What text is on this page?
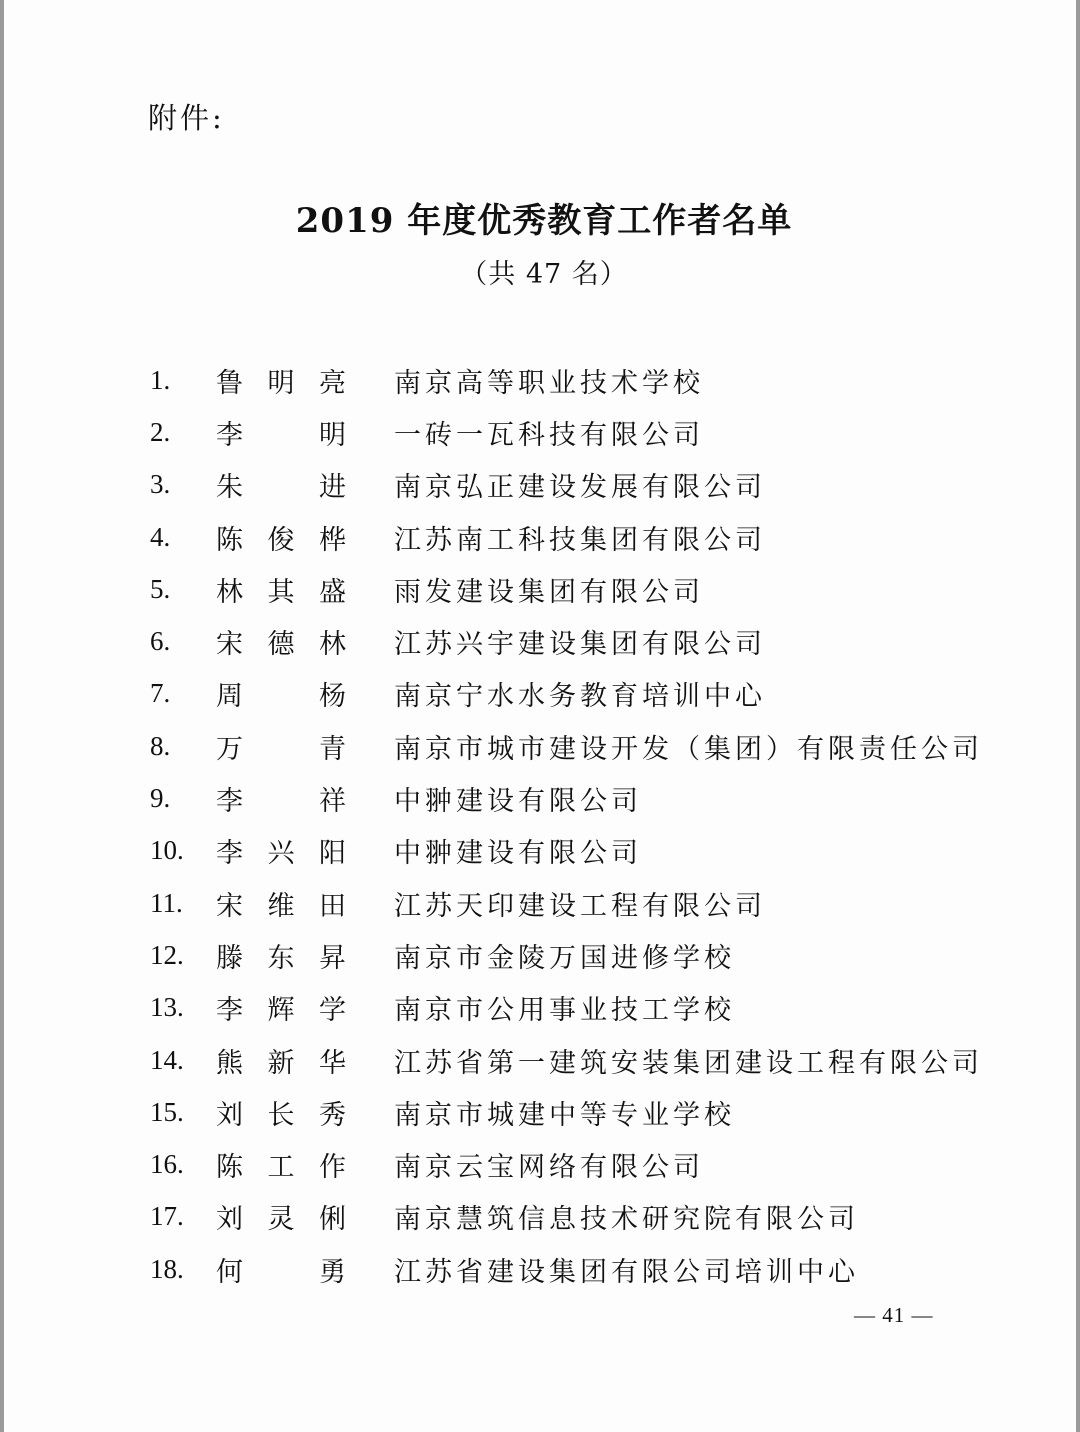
附件:
2019 年度优秀教育工作者名单
（共 47 名）
1.	鲁明亮	南京高等职业技术学校
2.	李明	一砖一瓦科技有限公司
3.	朱进	南京弘正建设发展有限公司
4.	陈俊桦	江苏南工科技集团有限公司
5.	林其盛	雨发建设集团有限公司
6.	宋德林	江苏兴宇建设集团有限公司
7.	周杨	南京宁水水务教育培训中心
8.	万青	南京市城市建设开发（集团）有限责任公司
9.	李祥	中翀建设有限公司
10.	李兴阳	中翀建设有限公司
11.	宋维田	江苏天印建设工程有限公司
12.	滕东昇	南京市金陵万国进修学校
13.	李辉学	南京市公用事业技工学校
14.	熊新华	江苏省第一建筑安装集团建设工程有限公司
15.	刘长秀	南京市城建中等专业学校
16.	陈工作	南京云宝网络有限公司
17.	刘灵俐	南京慧筑信息技术研究院有限公司
18.	何勇	江苏省建设集团有限公司培训中心
— 41 —
